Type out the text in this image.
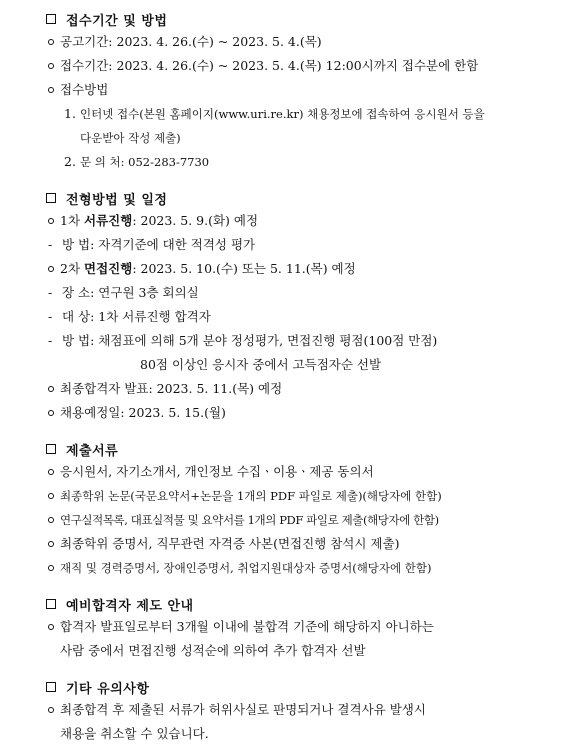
접수기간 및 방법
공고기간: 2023. 4. 26.(수) ~ 2023. 5. 4.(목)
접수기간: 2023. 4. 26.(수) ~ 2023. 5. 4.(목) 12:00시까지 접수분에 한함
접수방법
1. 인터넷 접수(본원 홈페이지(www.uri.re.kr) 채용정보에 접속하여 응시원서 등을
다운받아 작성 제출)
2. 문 의 처: 052-283-7730
전형방법 및 일정
1차 서류진행: 2023. 5. 9.(화) 예정
- 방 법: 자격기준에 대한 적격성 평가
2차 면접진행: 2023. 5. 10.(수) 또는 5. 11.(목) 예정
- 장 소: 연구원 3층 회의실
- 대 상: 1차 서류진행 합격자
- 방 법: 채점표에 의해 5개 분야 정성평가, 면접진행 평점(100점 만점)
80점 이상인 응시자 중에서 고득점자순 선발
최종합격자 발표: 2023. 5. 11.(목) 예정
채용예정일: 2023. 5. 15.(월)
제출서류
응시원서, 자기소개서, 개인정보 수집ㆍ이용ㆍ제공 동의서
최종학위 논문(국문요약서+논문을 1개의 PDF 파일로 제출)(해당자에 한함)
연구실적목록, 대표실적물 및 요약서를 1개의 PDF 파일로 제출(해당자에 한함)
최종학위 증명서, 직무관련 자격증 사본(면접진행 참석시 제출)
재직 및 경력증명서, 장애인증명서, 취업지원대상자 증명서(해당자에 한함)
예비합격자 제도 안내
합격자 발표일로부터 3개월 이내에 불합격 기준에 해당하지 아니하는
사람 중에서 면접진행 성적순에 의하여 추가 합격자 선발
기타 유의사항
최종합격 후 제출된 서류가 허위사실로 판명되거나 결격사유 발생시
채용을 취소할 수 있습니다.
